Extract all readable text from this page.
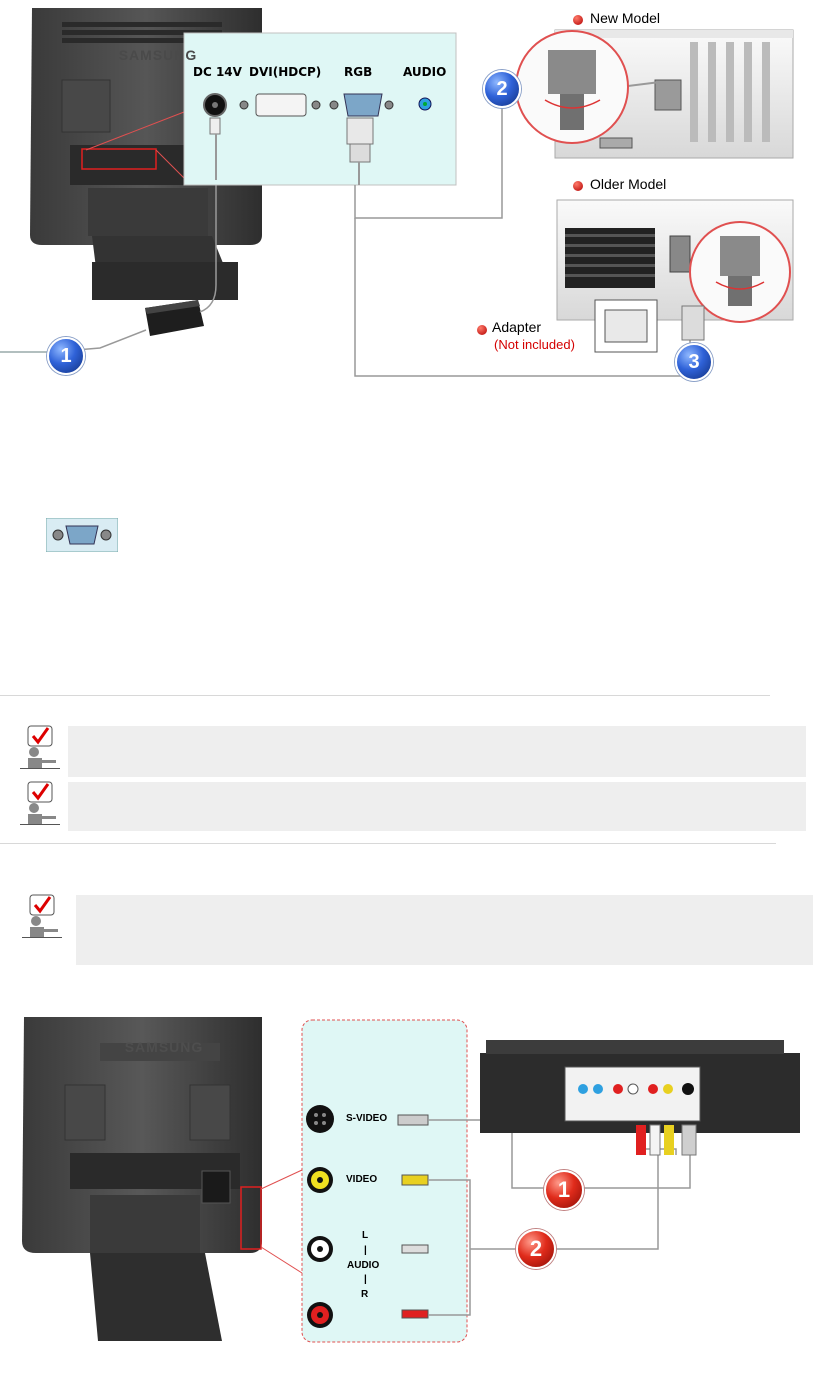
SAMSUNG
DC 14V DVI(HDCP) RGB	AUDIO
New Model
Older Model
Adapter
(Not included)
1
2
3
SAMSUNG
S-VIDEO
VIDEO
L
|
AUDIO
|
R
1
2
